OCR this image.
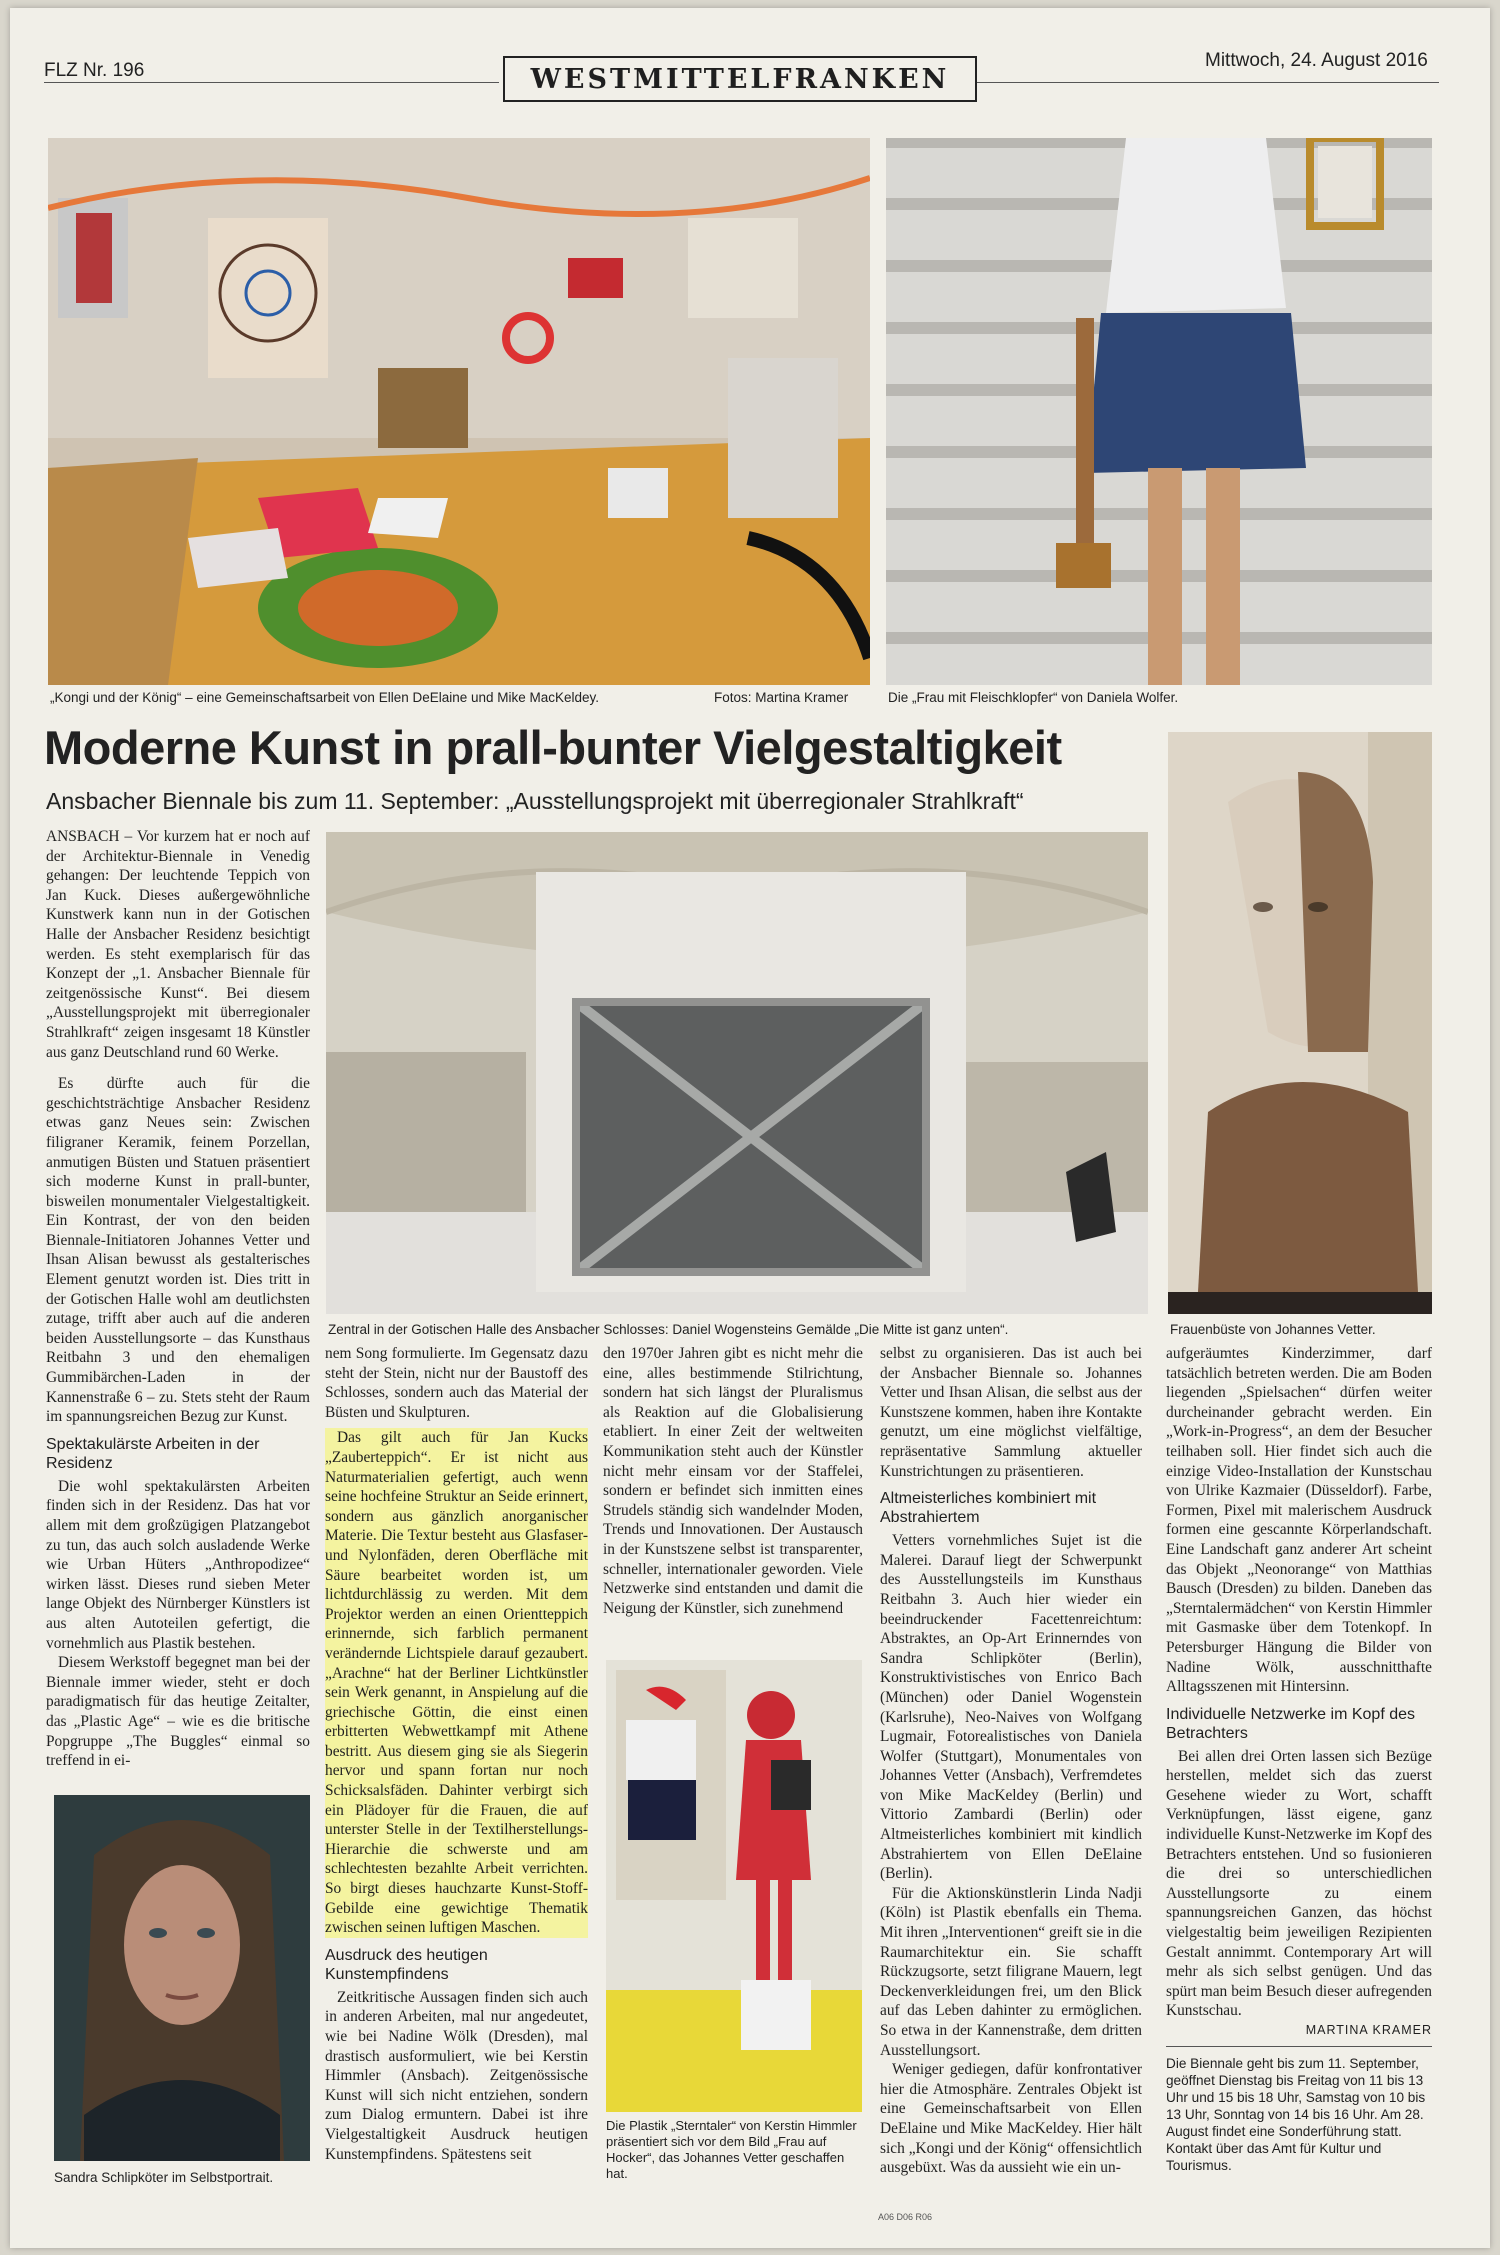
FLZ Nr. 196	WESTMITTELFRANKEN
Mittwoch, 24. August 2016
„Kongi und der König“ – eine Gemeinschaftsarbeit von Ellen DeElaine und Mike MacKeldey.	Fotos: Martina Kramer	Die „Frau mit Fleischklopfer“ von Daniela Wolfer.
Moderne Kunst in prall-bunter Vielgestaltigkeit
Ansbacher Biennale bis zum 11. September: „Ausstellungsprojekt mit überregionaler Strahlkraft“
Zentral in der Gotischen Halle des Ansbacher Schlosses: Daniel Wogensteins Gemälde „Die Mitte ist ganz unten“.	Frauenbüste von Johannes Vetter.

ANSBACH – Vor kurzem hat er noch auf der Architektur-Biennale in Venedig gehangen: Der leuchtende Teppich von Jan Kuck. Dieses außergewöhnliche Kunstwerk kann nun in der Gotischen Halle der Ansbacher Residenz besichtigt werden. Es steht exemplarisch für das Konzept der „1. Ansbacher Biennale für zeitgenössische Kunst“. Bei diesem „Ausstellungsprojekt mit überregionaler Strahlkraft“ zeigen insgesamt 18 Künstler aus ganz Deutschland rund 60 Werke.

Es dürfte auch für die geschichtsträchtige Ansbacher Residenz etwas ganz Neues sein: Zwischen filigraner Keramik, feinem Porzellan, anmutigen Büsten und Statuen präsentiert sich moderne Kunst in prall-bunter, bisweilen monumentaler Vielgestaltigkeit. Ein Kontrast, der von den beiden Biennale-Initiatoren Johannes Vetter und Ihsan Alisan bewusst als gestalterisches Element genutzt worden ist. Dies tritt in der Gotischen Halle wohl am deutlichsten zutage, trifft aber auch auf die anderen beiden Ausstellungsorte – das Kunsthaus Reitbahn 3 und den ehemaligen Gummibärchen-Laden in der Kannenstraße 6 – zu. Stets steht der Raum im spannungsreichen Bezug zur Kunst.

Spektakulärste Arbeiten in der Residenz

Die wohl spektakulärsten Arbeiten finden sich in der Residenz. Das hat vor allem mit dem großzügigen Platzangebot zu tun, das auch solch ausladende Werke wie Urban Hüters „Anthropodizee“ wirken lässt. Dieses rund sieben Meter lange Objekt des Nürnberger Künstlers ist aus alten Autoteilen gefertigt, die vornehmlich aus Plastik bestehen.

Diesem Werkstoff begegnet man bei der Biennale immer wieder, steht er doch paradigmatisch für das heutige Zeitalter, das „Plastic Age“ – wie es die britische Popgruppe „The Buggles“ einmal so treffend in ei-

Sandra Schlipköter im Selbstportrait.

nem Song formulierte. Im Gegensatz dazu steht der Stein, nicht nur der Baustoff des Schlosses, sondern auch das Material der Büsten und Skulpturen.

Das gilt auch für Jan Kucks „Zauberteppich“. Er ist nicht aus Naturmaterialien gefertigt, auch wenn seine hochfeine Struktur an Seide erinnert, sondern aus gänzlich anorganischer Materie. Die Textur besteht aus Glasfaser- und Nylonfäden, deren Oberfläche mit Säure bearbeitet worden ist, um lichtdurchlässig zu werden. Mit dem Projektor werden an einen Orientteppich erinnernde, sich farblich permanent verändernde Lichtspiele darauf gezaubert. „Arachne“ hat der Berliner Lichtkünstler sein Werk genannt, in Anspielung auf die griechische Göttin, die einst einen erbitterten Webwettkampf mit Athene bestritt. Aus diesem ging sie als Siegerin hervor und spann fortan nur noch Schicksalsfäden. Dahinter verbirgt sich ein Plädoyer für die Frauen, die auf unterster Stelle in der Textilherstellungs-Hierarchie die schwerste und am schlechtesten bezahlte Arbeit verrichten. So birgt dieses hauchzarte Kunst-Stoff-Gebilde eine gewichtige Thematik zwischen seinen luftigen Maschen.

Ausdruck des heutigen Kunstempfindens

Zeitkritische Aussagen finden sich auch in anderen Arbeiten, mal nur angedeutet, wie bei Nadine Wölk (Dresden), mal drastisch ausformuliert, wie bei Kerstin Himmler (Ansbach). Zeitgenössische Kunst will sich nicht entziehen, sondern zum Dialog ermuntern. Dabei ist ihre Vielgestaltigkeit Ausdruck heutigen Kunstempfindens. Spätestens seit

den 1970er Jahren gibt es nicht mehr die eine, alles bestimmende Stilrichtung, sondern hat sich längst der Pluralismus als Reaktion auf die Globalisierung etabliert. In einer Zeit der weltweiten Kommunikation steht auch der Künstler nicht mehr einsam vor der Staffelei, sondern er befindet sich inmitten eines Strudels ständig sich wandelnder Moden, Trends und Innovationen. Der Austausch in der Kunstszene selbst ist transparenter, schneller, internationaler geworden. Viele Netzwerke sind entstanden und damit die Neigung der Künstler, sich zunehmend

Die Plastik „Sterntaler“ von Kerstin Himmler präsentiert sich vor dem Bild „Frau auf Hocker“, das Johannes Vetter geschaffen hat.

selbst zu organisieren. Das ist auch bei der Ansbacher Biennale so. Johannes Vetter und Ihsan Alisan, die selbst aus der Kunstszene kommen, haben ihre Kontakte genutzt, um eine möglichst vielfältige, repräsentative Sammlung aktueller Kunstrichtungen zu präsentieren.

Altmeisterliches kombiniert mit Abstrahiertem

Vetters vornehmliches Sujet ist die Malerei. Darauf liegt der Schwerpunkt des Ausstellungsteils im Kunsthaus Reitbahn 3. Auch hier wieder ein beeindruckender Facettenreichtum: Abstraktes, an Op-Art Erinnerndes von Sandra Schlipköter (Berlin), Konstruktivistisches von Enrico Bach (München) oder Daniel Wogenstein (Karlsruhe), Neo-Naives von Wolfgang Lugmair, Fotorealistisches von Daniela Wolfer (Stuttgart), Monumentales von Johannes Vetter (Ansbach), Verfremdetes von Mike MacKeldey (Berlin) und Vittorio Zambardi (Berlin) oder Altmeisterliches kombiniert mit kindlich Abstrahiertem von Ellen DeElaine (Berlin).

Für die Aktionskünstlerin Linda Nadji (Köln) ist Plastik ebenfalls ein Thema. Mit ihren „Interventionen“ greift sie in die Raumarchitektur ein. Sie schafft Rückzugsorte, setzt filigrane Mauern, legt Deckenverkleidungen frei, um den Blick auf das Leben dahinter zu ermöglichen. So etwa in der Kannenstraße, dem dritten Ausstellungsort.

Weniger gediegen, dafür konfrontativer hier die Atmosphäre. Zentrales Objekt ist eine Gemeinschaftsarbeit von Ellen DeElaine und Mike MacKeldey. Hier hält sich „Kongi und der König“ offensichtlich ausgebüxt. Was da aussieht wie ein un-

aufgeräumtes Kinderzimmer, darf tatsächlich betreten werden. Die am Boden liegenden „Spielsachen“ dürfen weiter durcheinander gebracht werden. Ein „Work-in-Progress“, an dem der Besucher teilhaben soll. Hier findet sich auch die einzige Video-Installation der Kunstschau von Ulrike Kazmaier (Düsseldorf). Farbe, Formen, Pixel mit malerischem Ausdruck formen eine gescannte Körperlandschaft. Eine Landschaft ganz anderer Art scheint das Objekt „Neonorange“ von Matthias Bausch (Dresden) zu bilden. Daneben das „Sterntalermädchen“ von Kerstin Himmler mit Gasmaske über dem Totenkopf. In Petersburger Hängung die Bilder von Nadine Wölk, ausschnitthafte Alltagsszenen mit Hintersinn.

Individuelle Netzwerke im Kopf des Betrachters

Bei allen drei Orten lassen sich Bezüge herstellen, meldet sich das zuerst Gesehene wieder zu Wort, schafft Verknüpfungen, lässt eigene, ganz individuelle Kunst-Netzwerke im Kopf des Betrachters entstehen. Und so fusionieren die drei so unterschiedlichen Ausstellungsorte zu einem spannungsreichen Ganzen, das höchst vielgestaltig beim jeweiligen Rezipienten Gestalt annimmt. Contemporary Art will mehr als sich selbst genügen. Und das spürt man beim Besuch dieser aufregenden Kunstschau.

MARTINA KRAMER
Die Biennale geht bis zum 11. September, geöffnet Dienstag bis Freitag von 11 bis 13 Uhr und 15 bis 18 Uhr, Samstag von 10 bis 13 Uhr, Sonntag von 14 bis 16 Uhr. Am 28. August findet eine Sonderführung statt. Kontakt über das Amt für Kultur und Tourismus.
A06 D06 R06
